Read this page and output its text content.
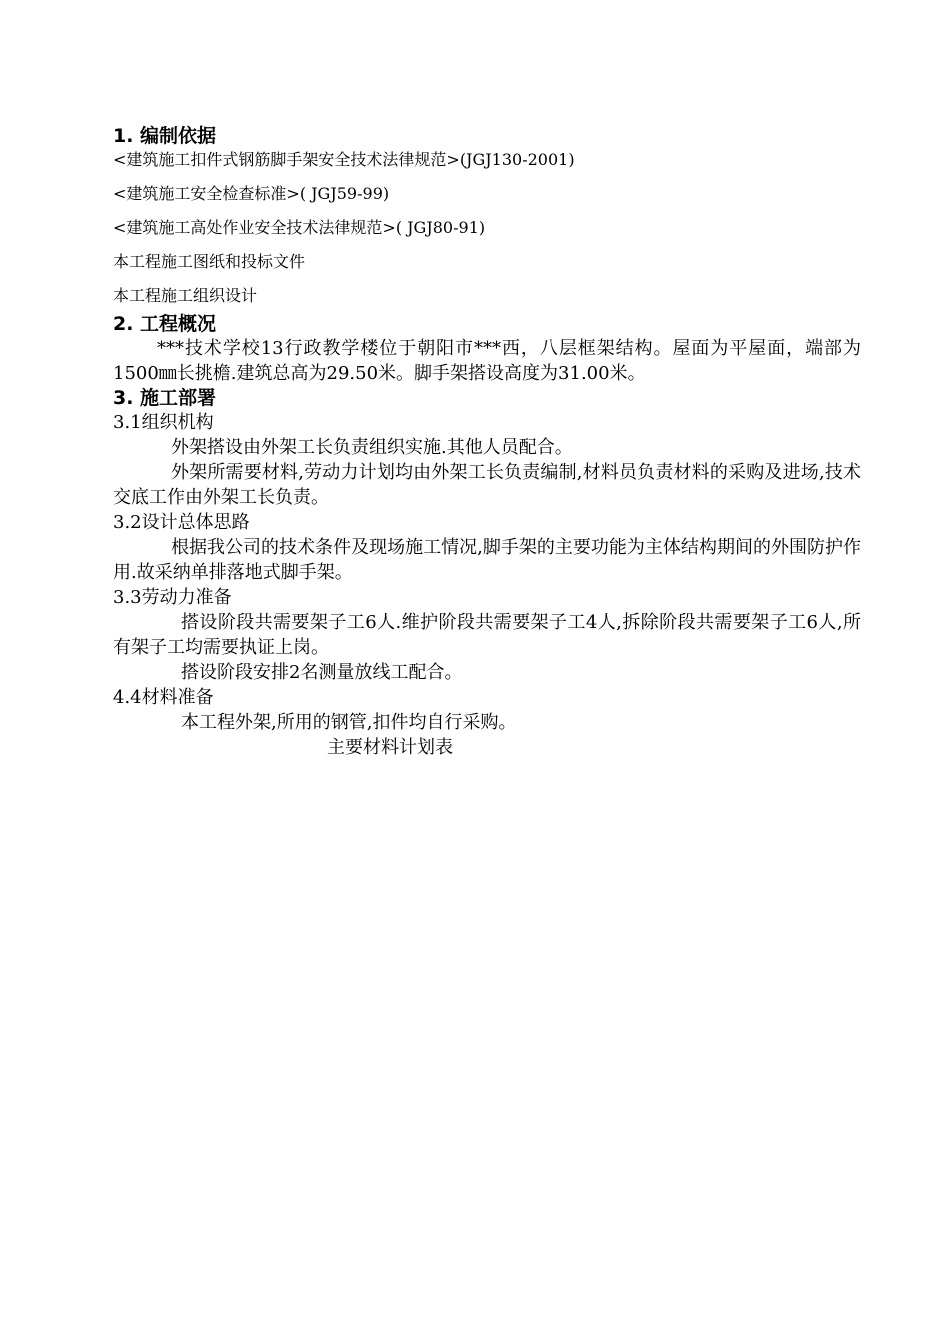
1. 编制依据

<建筑施工扣件式钢筋脚手架安全技术法律规范>(JGJ130-2001)

<建筑施工安全检查标准>( JGJ59-99)

<建筑施工高处作业安全技术法律规范>( JGJ80-91)

本工程施工图纸和投标文件

本工程施工组织设计

2. 工程概况

***技术学校13行政教学楼位于朝阳市***西，八层框架结构。屋面为平屋面，端部为1500㎜长挑檐.建筑总高为29.50米。脚手架搭设高度为31.00米。

3. 施工部署

3.1组织机构

外架搭设由外架工长负责组织实施.其他人员配合。

外架所需要材料,劳动力计划均由外架工长负责编制,材料员负责材料的采购及进场,技术交底工作由外架工长负责。

3.2设计总体思路

根据我公司的技术条件及现场施工情况,脚手架的主要功能为主体结构期间的外围防护作用.故采纳单排落地式脚手架。

3.3劳动力准备

搭设阶段共需要架子工6人.维护阶段共需要架子工4人,拆除阶段共需要架子工6人,所有架子工均需要执证上岗。

搭设阶段安排2名测量放线工配合。

4.4材料准备

本工程外架,所用的钢管,扣件均自行采购。

主要材料计划表
